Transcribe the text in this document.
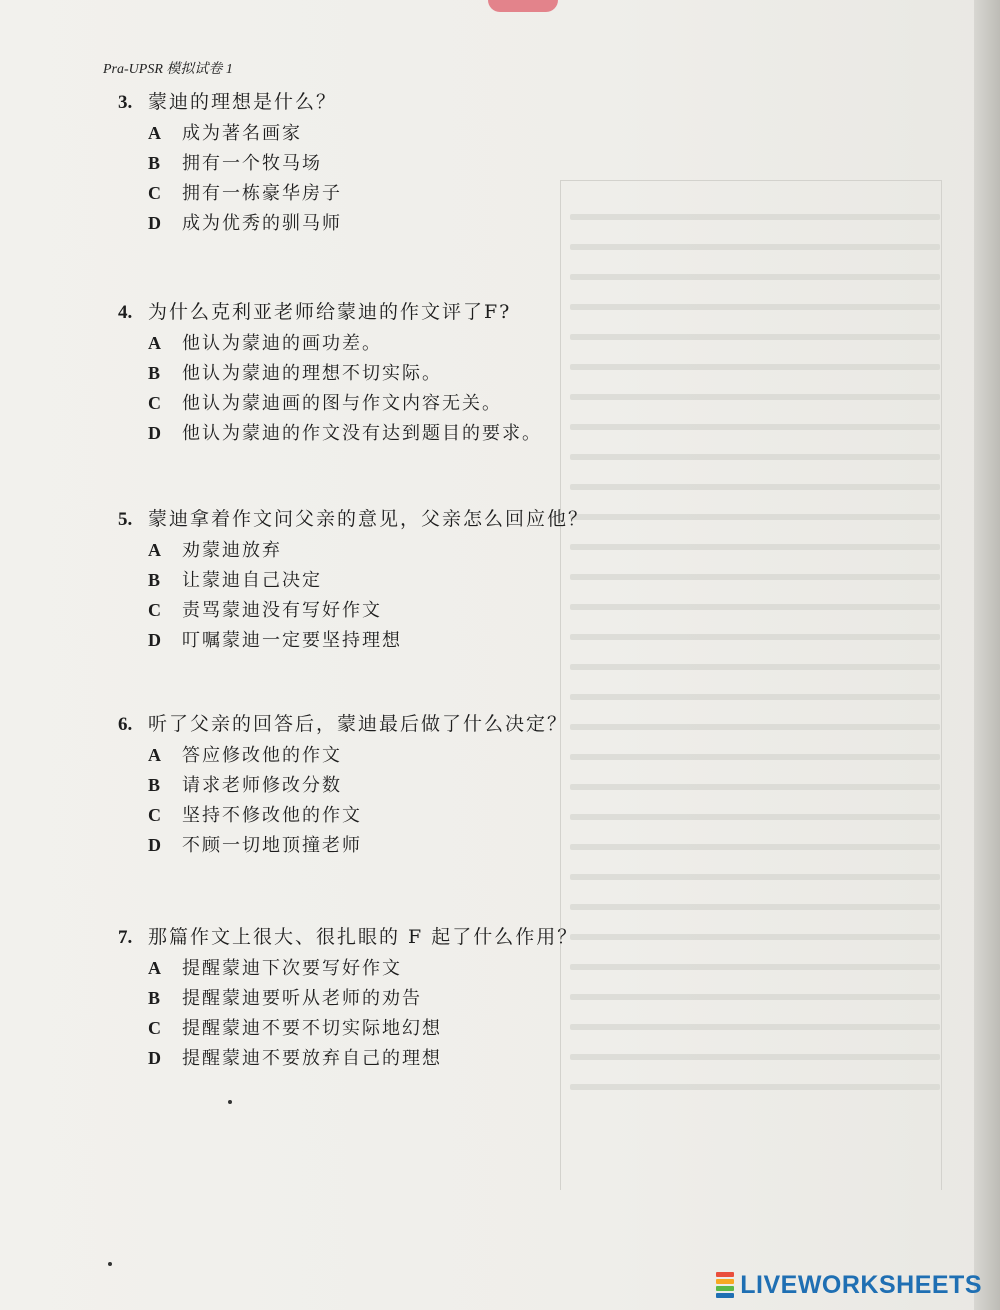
Pra-UPSR 模拟试卷 1
3. 蒙迪的理想是什么？
A	成为著名画家
B	拥有一个牧马场
C	拥有一栋豪华房子
D	成为优秀的驯马师
4. 为什么克利亚老师给蒙迪的作文评了F?
A	他认为蒙迪的画功差。
B	他认为蒙迪的理想不切实际。
C	他认为蒙迪画的图与作文内容无关。
D	他认为蒙迪的作文没有达到题目的要求。
5. 蒙迪拿着作文问父亲的意见，父亲怎么回应他？
A	劝蒙迪放弃
B	让蒙迪自己决定
C	责骂蒙迪没有写好作文
D	叮嘱蒙迪一定要坚持理想
6. 听了父亲的回答后，蒙迪最后做了什么决定？
A	答应修改他的作文
B	请求老师修改分数
C	坚持不修改他的作文
D	不顾一切地顶撞老师
7. 那篇作文上很大、很扎眼的 F 起了什么作用？
A	提醒蒙迪下次要写好作文
B	提醒蒙迪要听从老师的劝告
C	提醒蒙迪不要不切实际地幻想
D	提醒蒙迪不要放弃自己的理想
LIVEWORKSHEETS
